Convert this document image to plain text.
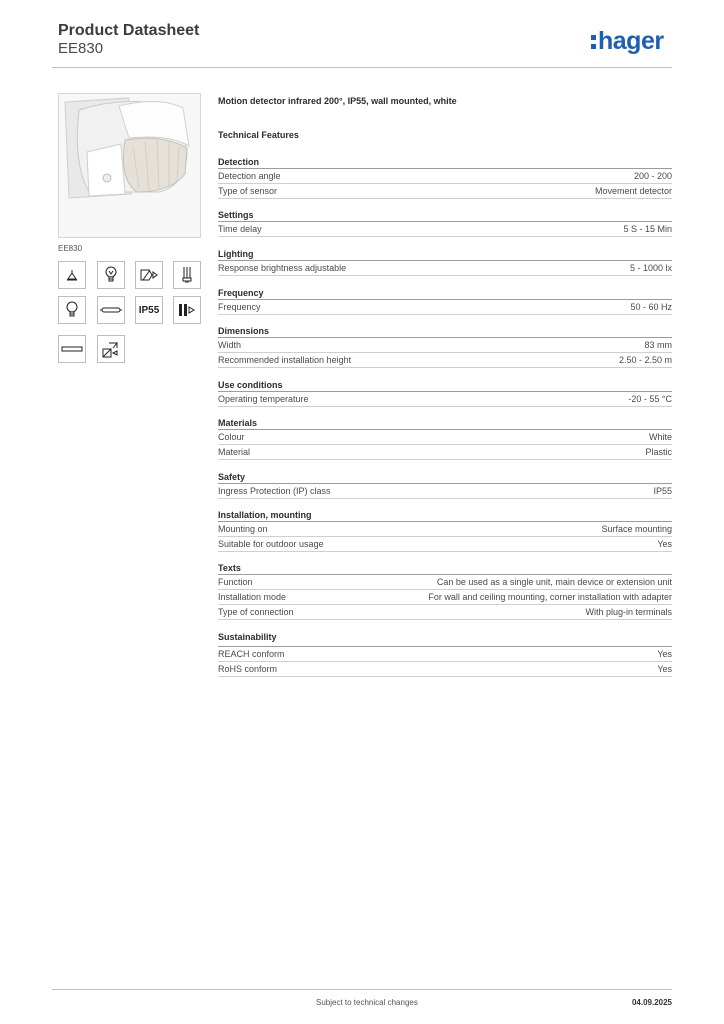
Product Datasheet
EE830	hager
EE830
IP55
Motion detector infrared 200°, IP55, wall mounted, white
Technical Features
Detection
Detection angle	200 - 200
Type of sensor	Movement detector
Settings
Time delay	5 S - 15 Min
Lighting
Response brightness adjustable	5 - 1000 lx
Frequency
Frequency	50 - 60 Hz
Dimensions
Width	83 mm
Recommended installation height	2.50 - 2.50 m
Use conditions
Operating temperature	-20 - 55 °C
Materials
Colour	White
Material	Plastic
Safety
Ingress Protection (IP) class	IP55
Installation, mounting
Mounting on	Surface mounting
Suitable for outdoor usage	Yes
Texts
Function	Can be used as a single unit, main device or extension unit
Installation mode	For wall and ceiling mounting, corner installation with adapter
Type of connection	With plug-in terminals
Sustainability
REACH conform	Yes
RoHS conform	Yes
Subject to technical changes	04.09.2025
